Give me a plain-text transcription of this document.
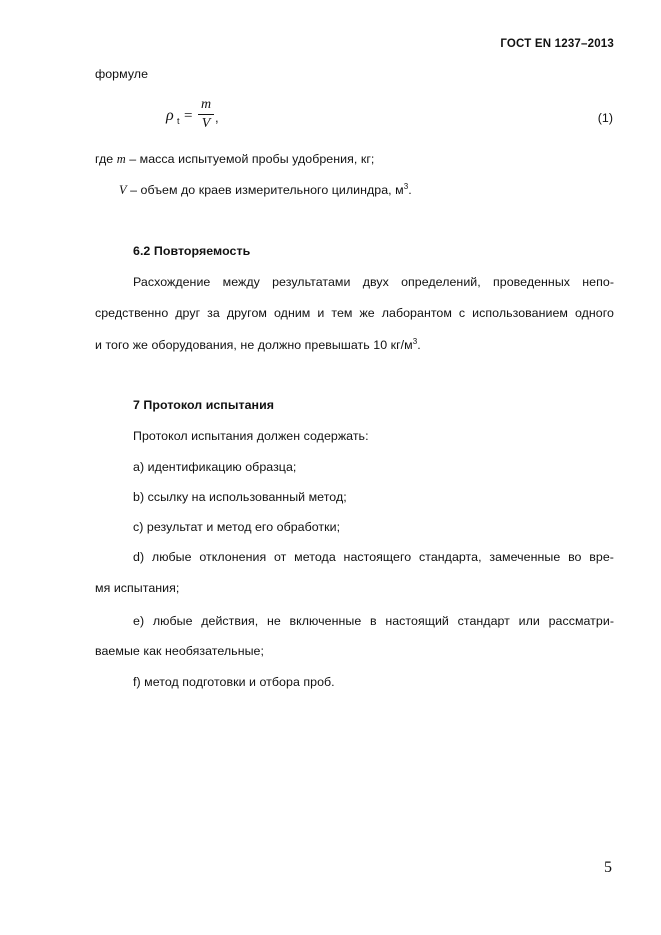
ГОСТ EN 1237–2013
формуле
ρ t =
m
V ,	(1)
где m – масса испытуемой пробы удобрения, кг;
V – объем до краев измерительного цилиндра, $м^3$.
6.2 Повторяемость
Расхождение между результатами двух определений, проведенных непо-
средственно друг за другом одним и тем же лаборантом с использованием одного
и того же оборудования, не должно превышать 10 $кг/м^3$.
7 Протокол испытания
Протокол испытания должен содержать:
a) идентификацию образца;
b) ссылку на использованный метод;
c) результат и метод его обработки;
d) любые отклонения от метода настоящего стандарта, замеченные во вре-
мя испытания;
e) любые действия, не включенные в настоящий стандарт или рассматри-
ваемые как необязательные;
f) метод подготовки и отбора проб.
5
